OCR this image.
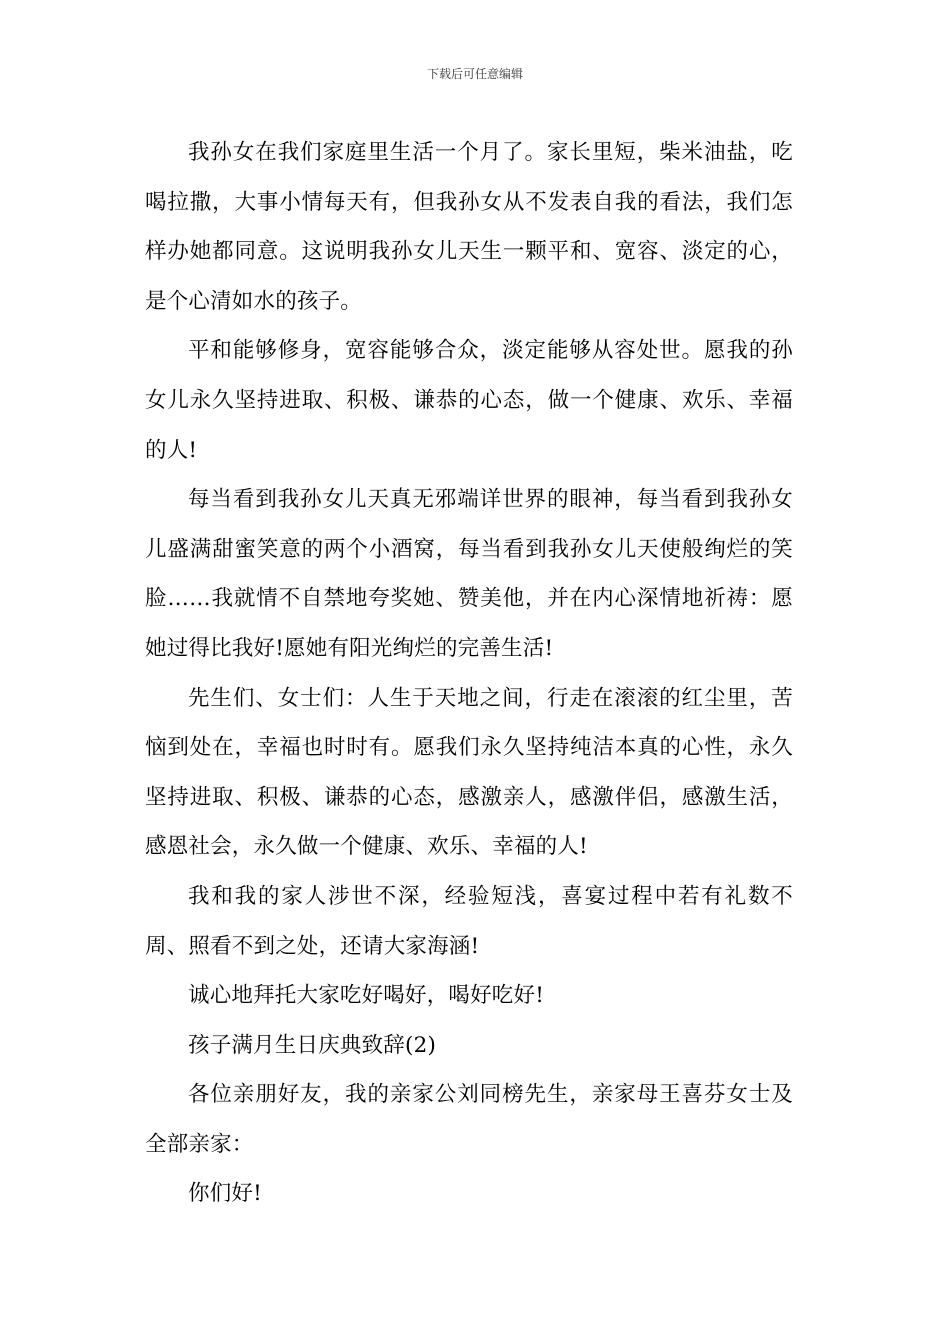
下载后可任意编辑

我孙女在我们家庭里生活一个月了。家长里短，柴米油盐，吃喝拉撒，大事小情每天有，但我孙女从不发表自我的看法，我们怎样办她都同意。这说明我孙女儿天生一颗平和、宽容、淡定的心，是个心清如水的孩子。

平和能够修身，宽容能够合众，淡定能够从容处世。愿我的孙女儿永久坚持进取、积极、谦恭的心态，做一个健康、欢乐、幸福的人!

每当看到我孙女儿天真无邪端详世界的眼神，每当看到我孙女儿盛满甜蜜笑意的两个小酒窝，每当看到我孙女儿天使般绚烂的笑脸……我就情不自禁地夸奖她、赞美他，并在内心深情地祈祷：愿她过得比我好!愿她有阳光绚烂的完善生活!

先生们、女士们：人生于天地之间，行走在滚滚的红尘里，苦恼到处在，幸福也时时有。愿我们永久坚持纯洁本真的心性，永久坚持进取、积极、谦恭的心态，感激亲人，感激伴侣，感激生活，感恩社会，永久做一个健康、欢乐、幸福的人!

我和我的家人涉世不深，经验短浅，喜宴过程中若有礼数不周、照看不到之处，还请大家海涵!

诚心地拜托大家吃好喝好，喝好吃好!

孩子满月生日庆典致辞(2)

各位亲朋好友，我的亲家公刘同榜先生，亲家母王喜芬女士及全部亲家：

你们好!
